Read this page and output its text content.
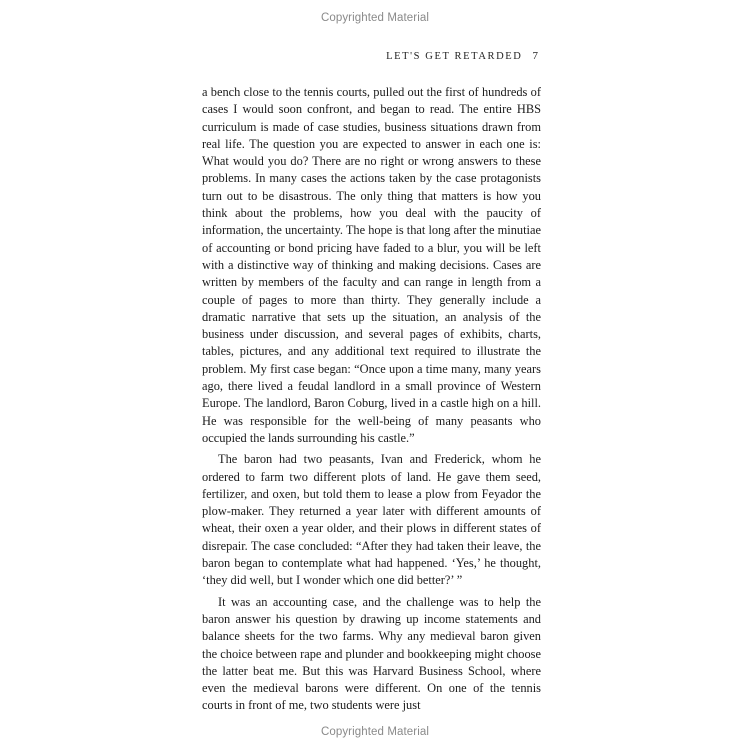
Copyrighted Material
LET'S GET RETARDED 7

a bench close to the tennis courts, pulled out the first of hundreds of cases I would soon confront, and began to read. The entire HBS curriculum is made of case studies, business situations drawn from real life. The question you are expected to answer in each one is: What would you do? There are no right or wrong answers to these problems. In many cases the actions taken by the case protagonists turn out to be disastrous. The only thing that matters is how you think about the problems, how you deal with the paucity of information, the uncertainty. The hope is that long after the minutiae of accounting or bond pricing have faded to a blur, you will be left with a distinctive way of thinking and making decisions. Cases are written by members of the faculty and can range in length from a couple of pages to more than thirty. They generally include a dramatic narrative that sets up the situation, an analysis of the business under discussion, and several pages of exhibits, charts, tables, pictures, and any additional text required to illustrate the problem. My first case began: “Once upon a time many, many years ago, there lived a feudal landlord in a small province of Western Europe. The landlord, Baron Coburg, lived in a castle high on a hill. He was responsible for the well-being of many peasants who occupied the lands surrounding his castle.”

The baron had two peasants, Ivan and Frederick, whom he ordered to farm two different plots of land. He gave them seed, fertilizer, and oxen, but told them to lease a plow from Feyador the plow-maker. They returned a year later with different amounts of wheat, their oxen a year older, and their plows in different states of disrepair. The case concluded: “After they had taken their leave, the baron began to contemplate what had happened. ‘Yes,’ he thought, ‘they did well, but I wonder which one did better?’ ”

It was an accounting case, and the challenge was to help the baron answer his question by drawing up income statements and balance sheets for the two farms. Why any medieval baron given the choice between rape and plunder and bookkeeping might choose the latter beat me. But this was Harvard Business School, where even the medieval barons were different. On one of the tennis courts in front of me, two students were just

Copyrighted Material
